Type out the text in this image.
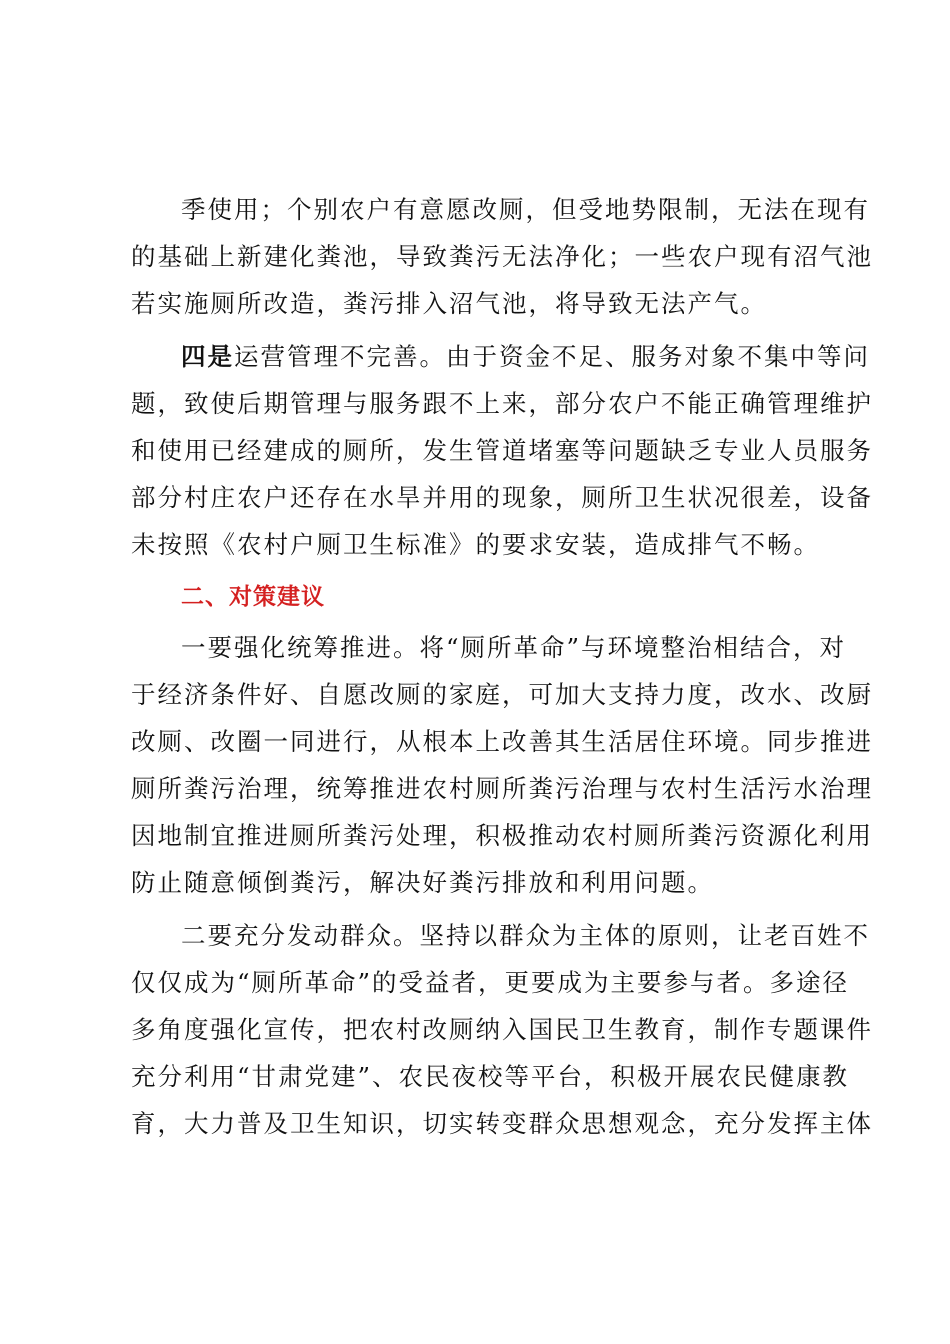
季使用；个别农户有意愿改厕，但受地势限制，无法在现有
的基础上新建化粪池，导致粪污无法净化；一些农户现有沼气池
若实施厕所改造，粪污排入沼气池，将导致无法产气。

四是运营管理不完善。由于资金不足、服务对象不集中等问
题，致使后期管理与服务跟不上来，部分农户不能正确管理维护
和使用已经建成的厕所，发生管道堵塞等问题缺乏专业人员服务
部分村庄农户还存在水旱并用的现象，厕所卫生状况很差，设备
未按照《农村户厕卫生标准》的要求安装，造成排气不畅。

二、对策建议

一要强化统筹推进。将“厕所革命”与环境整治相结合，对
于经济条件好、自愿改厕的家庭，可加大支持力度，改水、改厨
改厕、改圈一同进行，从根本上改善其生活居住环境。同步推进
厕所粪污治理，统筹推进农村厕所粪污治理与农村生活污水治理
因地制宜推进厕所粪污处理，积极推动农村厕所粪污资源化利用
防止随意倾倒粪污，解决好粪污排放和利用问题。

二要充分发动群众。坚持以群众为主体的原则，让老百姓不
仅仅成为“厕所革命”的受益者，更要成为主要参与者。多途径
多角度强化宣传，把农村改厕纳入国民卫生教育，制作专题课件
充分利用“甘肃党建”、农民夜校等平台，积极开展农民健康教
育，大力普及卫生知识，切实转变群众思想观念，充分发挥主体
